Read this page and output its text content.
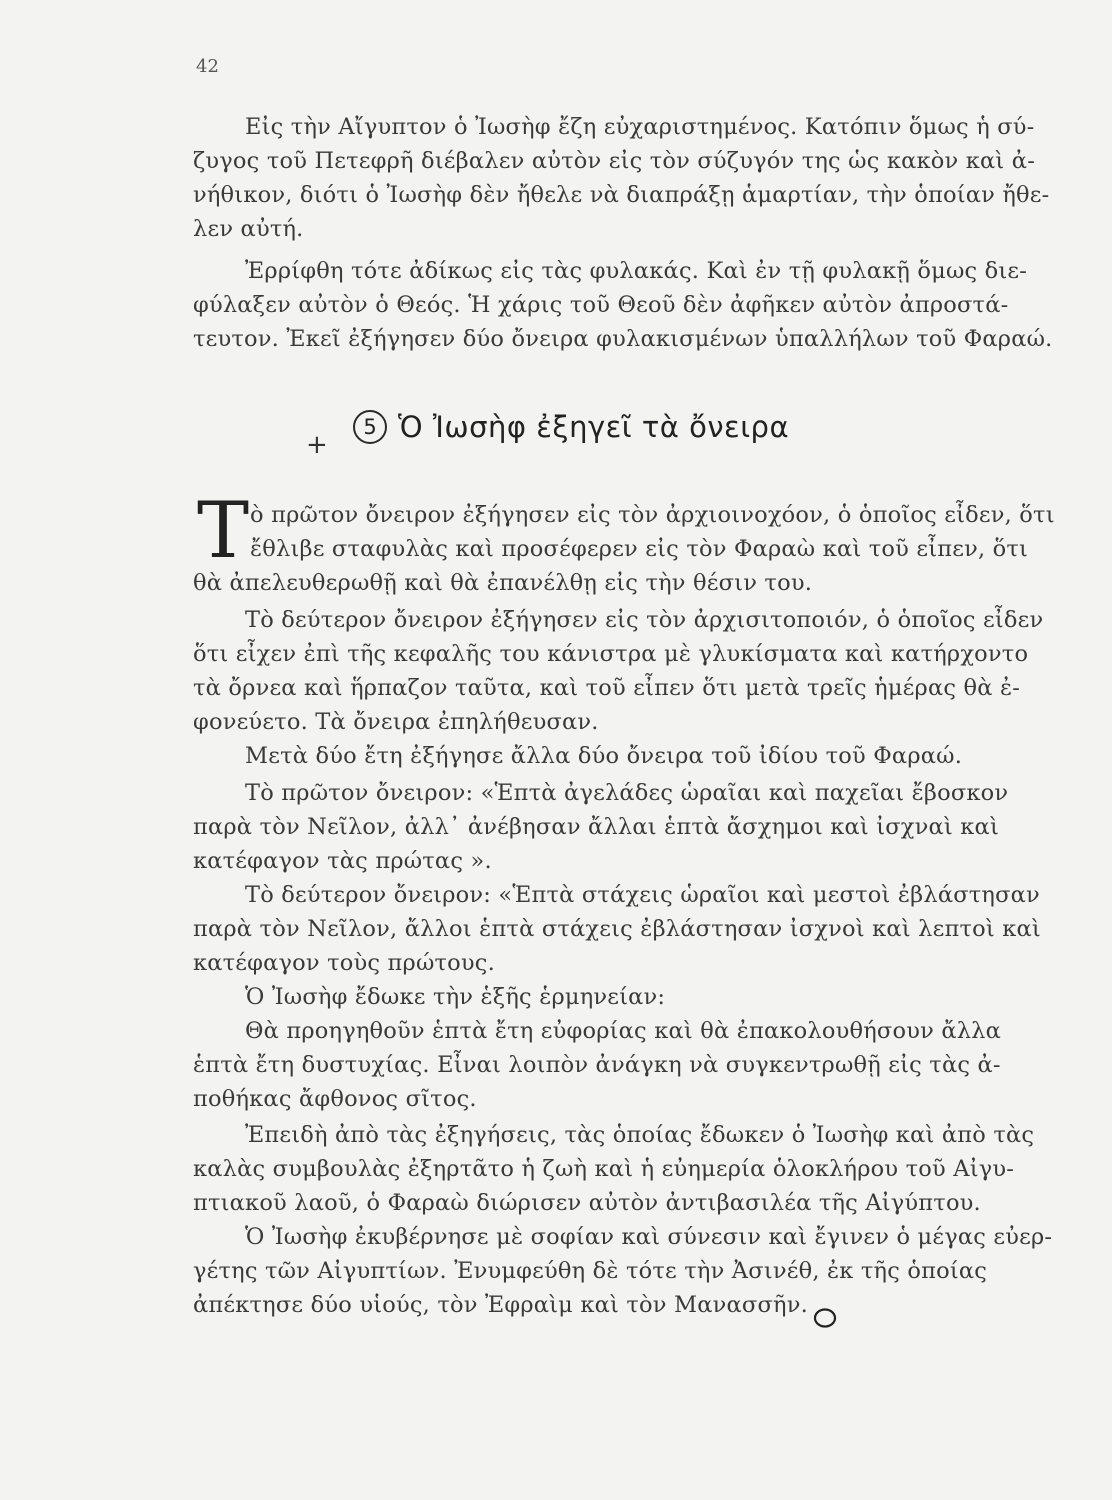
42
Εἰς τὴν Αἴγυπτον ὁ Ἰωσὴφ ἔζη εὐχαριστημένος. Κατόπιν ὅμως ἡ σύ-
ζυγος τοῦ Πετεφρῆ διέβαλεν αὐτὸν εἰς τὸν σύζυγόν της ὡς κακὸν καὶ ἀ-
νήθικον, διότι ὁ Ἰωσὴφ δὲν ἤθελε νὰ διαπράξῃ ἁμαρτίαν, τὴν ὁποίαν ἤθε-
λεν αὐτή.
Ἐρρίφθη τότε ἀδίκως εἰς τὰς φυλακάς. Καὶ ἐν τῇ φυλακῇ ὅμως διε-
φύλαξεν αὐτὸν ὁ Θεός. Ἡ χάρις τοῦ Θεοῦ δὲν ἀφῆκεν αὐτὸν ἀπροστά-
τευτον. Ἐκεῖ ἐξήγησεν δύο ὄνειρα φυλακισμένων ὑπαλλήλων τοῦ Φαραώ.
+
5 Ὁ Ἰωσὴφ ἐξηγεῖ τὰ ὄνειρα
Τ ὸ πρῶτον ὄνειρον ἐξήγησεν εἰς τὸν ἀρχιοινοχόον, ὁ ὁποῖος εἶδεν, ὅτι
ἔθλιβε σταφυλὰς καὶ προσέφερεν εἰς τὸν Φαραὼ καὶ τοῦ εἶπεν, ὅτι
θὰ ἀπελευθερωθῇ καὶ θὰ ἐπανέλθῃ εἰς τὴν θέσιν του.
Τὸ δεύτερον ὄνειρον ἐξήγησεν εἰς τὸν ἀρχισιτοποιόν, ὁ ὁποῖος εἶδεν
ὅτι εἶχεν ἐπὶ τῆς κεφαλῆς του κάνιστρα μὲ γλυκίσματα καὶ κατήρχοντο
τὰ ὄρνεα καὶ ἥρπαζον ταῦτα, καὶ τοῦ εἶπεν ὅτι μετὰ τρεῖς ἡμέρας θὰ ἐ-
φονεύετο. Τὰ ὄνειρα ἐπηλήθευσαν.
Μετὰ δύο ἔτη ἐξήγησε ἄλλα δύο ὄνειρα τοῦ ἰδίου τοῦ Φαραώ.
Τὸ πρῶτον ὄνειρον: «Ἑπτὰ ἀγελάδες ὡραῖαι καὶ παχεῖαι ἔβοσκον
παρὰ τὸν Νεῖλον, ἀλλ᾽ ἀνέβησαν ἄλλαι ἑπτὰ ἄσχημοι καὶ ἰσχναὶ καὶ
κατέφαγον τὰς πρώτας ».
Τὸ δεύτερον ὄνειρον: «Ἑπτὰ στάχεις ὡραῖοι καὶ μεστοὶ ἐβλάστησαν
παρὰ τὸν Νεῖλον, ἄλλοι ἑπτὰ στάχεις ἐβλάστησαν ἰσχνοὶ καὶ λεπτοὶ καὶ
κατέφαγον τοὺς πρώτους.
Ὁ Ἰωσὴφ ἔδωκε τὴν ἑξῆς ἑρμηνείαν:
Θὰ προηγηθοῦν ἑπτὰ ἔτη εὐφορίας καὶ θὰ ἐπακολουθήσουν ἄλλα
ἑπτὰ ἔτη δυστυχίας. Εἶναι λοιπὸν ἀνάγκη νὰ συγκεντρωθῇ εἰς τὰς ἀ-
ποθήκας ἄφθονος σῖτος.
Ἐπειδὴ ἀπὸ τὰς ἐξηγήσεις, τὰς ὁποίας ἔδωκεν ὁ Ἰωσὴφ καὶ ἀπὸ τὰς
καλὰς συμβουλὰς ἐξηρτᾶτο ἡ ζωὴ καὶ ἡ εὐημερία ὁλοκλήρου τοῦ Αἰγυ-
πτιακοῦ λαοῦ, ὁ Φαραὼ διώρισεν αὐτὸν ἀντιβασιλέα τῆς Αἰγύπτου.
Ὁ Ἰωσὴφ ἐκυβέρνησε μὲ σοφίαν καὶ σύνεσιν καὶ ἔγινεν ὁ μέγας εὐερ-
γέτης τῶν Αἰγυπτίων. Ἐνυμφεύθη δὲ τότε τὴν Ἀσινέθ, ἐκ τῆς ὁποίας
ἀπέκτησε δύο υἱούς, τὸν Ἐφραὶμ καὶ τὸν Μανασσῆν.
